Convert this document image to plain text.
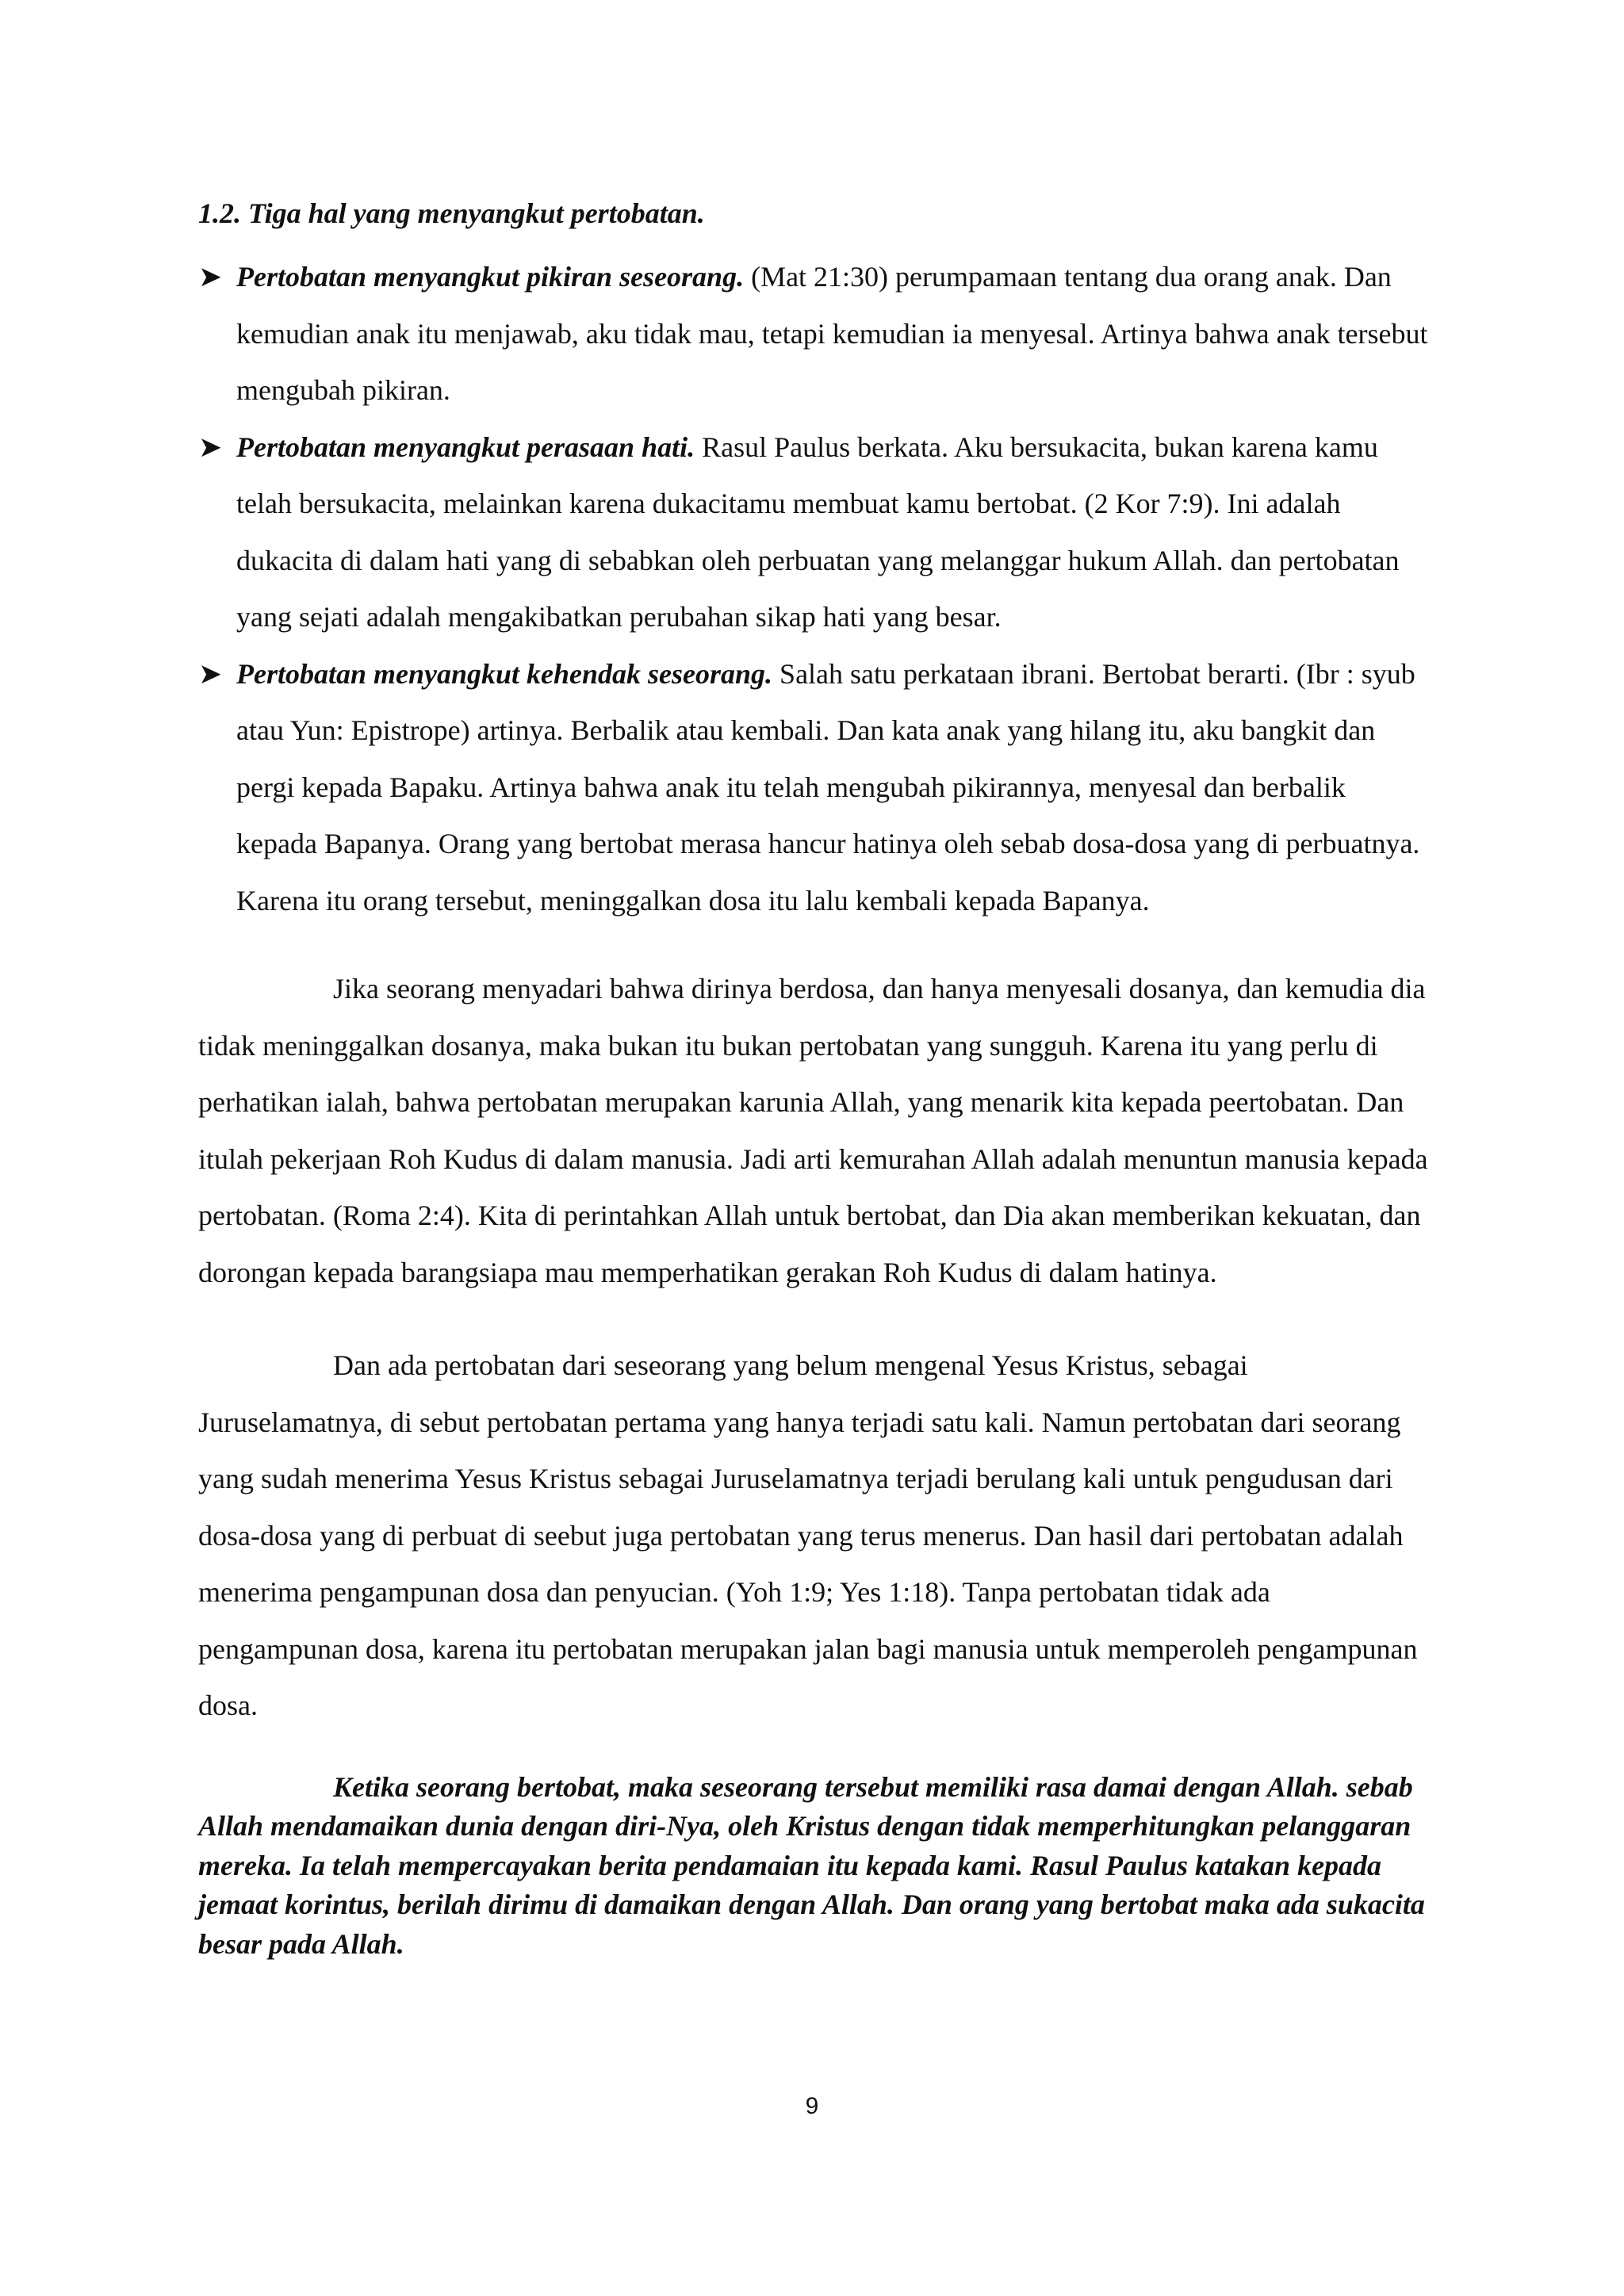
1.2. Tiga hal yang menyangkut pertobatan.

➤ Pertobatan menyangkut pikiran seseorang. (Mat 21:30) perumpamaan tentang dua orang anak. Dan kemudian anak itu menjawab, aku tidak mau, tetapi kemudian ia menyesal. Artinya bahwa anak tersebut mengubah pikiran.

➤ Pertobatan menyangkut perasaan hati. Rasul Paulus berkata. Aku bersukacita, bukan karena kamu telah bersukacita, melainkan karena dukacitamu membuat kamu bertobat. (2 Kor 7:9). Ini adalah dukacita di dalam hati yang di sebabkan oleh perbuatan yang melanggar hukum Allah. dan pertobatan yang sejati adalah mengakibatkan perubahan sikap hati yang besar.

➤ Pertobatan menyangkut kehendak seseorang. Salah satu perkataan ibrani. Bertobat berarti. (Ibr : syub atau Yun: Epistrope) artinya. Berbalik atau kembali. Dan kata anak yang hilang itu, aku bangkit dan pergi kepada Bapaku. Artinya bahwa anak itu telah mengubah pikirannya, menyesal dan berbalik kepada Bapanya. Orang yang bertobat merasa hancur hatinya oleh sebab dosa-dosa yang di perbuatnya. Karena itu orang tersebut, meninggalkan dosa itu lalu kembali kepada Bapanya.

Jika seorang menyadari bahwa dirinya berdosa, dan hanya menyesali dosanya, dan kemudia dia tidak meninggalkan dosanya, maka bukan itu bukan pertobatan yang sungguh. Karena itu yang perlu di perhatikan ialah, bahwa pertobatan merupakan karunia Allah, yang menarik kita kepada peertobatan. Dan itulah pekerjaan Roh Kudus di dalam manusia. Jadi arti kemurahan Allah adalah menuntun manusia kepada pertobatan. (Roma 2:4). Kita di perintahkan Allah untuk bertobat, dan Dia akan memberikan kekuatan, dan dorongan kepada barangsiapa mau memperhatikan gerakan Roh Kudus di dalam hatinya.

Dan ada pertobatan dari seseorang yang belum mengenal Yesus Kristus, sebagai Juruselamatnya, di sebut pertobatan pertama yang hanya terjadi satu kali. Namun pertobatan dari seorang yang sudah menerima Yesus Kristus sebagai Juruselamatnya terjadi berulang kali untuk pengudusan dari dosa-dosa yang di perbuat di seebut juga pertobatan yang terus menerus. Dan hasil dari pertobatan adalah menerima pengampunan dosa dan penyucian. (Yoh 1:9; Yes 1:18). Tanpa pertobatan tidak ada pengampunan dosa, karena itu pertobatan merupakan jalan bagi manusia untuk memperoleh pengampunan dosa.

Ketika seorang bertobat, maka seseorang tersebut memiliki rasa damai dengan Allah. sebab Allah mendamaikan dunia dengan diri-Nya, oleh Kristus dengan tidak memperhitungkan pelanggaran mereka. Ia telah mempercayakan berita pendamaian itu kepada kami. Rasul Paulus katakan kepada jemaat korintus, berilah dirimu di damaikan dengan Allah. Dan orang yang bertobat maka ada sukacita besar pada Allah.

9
